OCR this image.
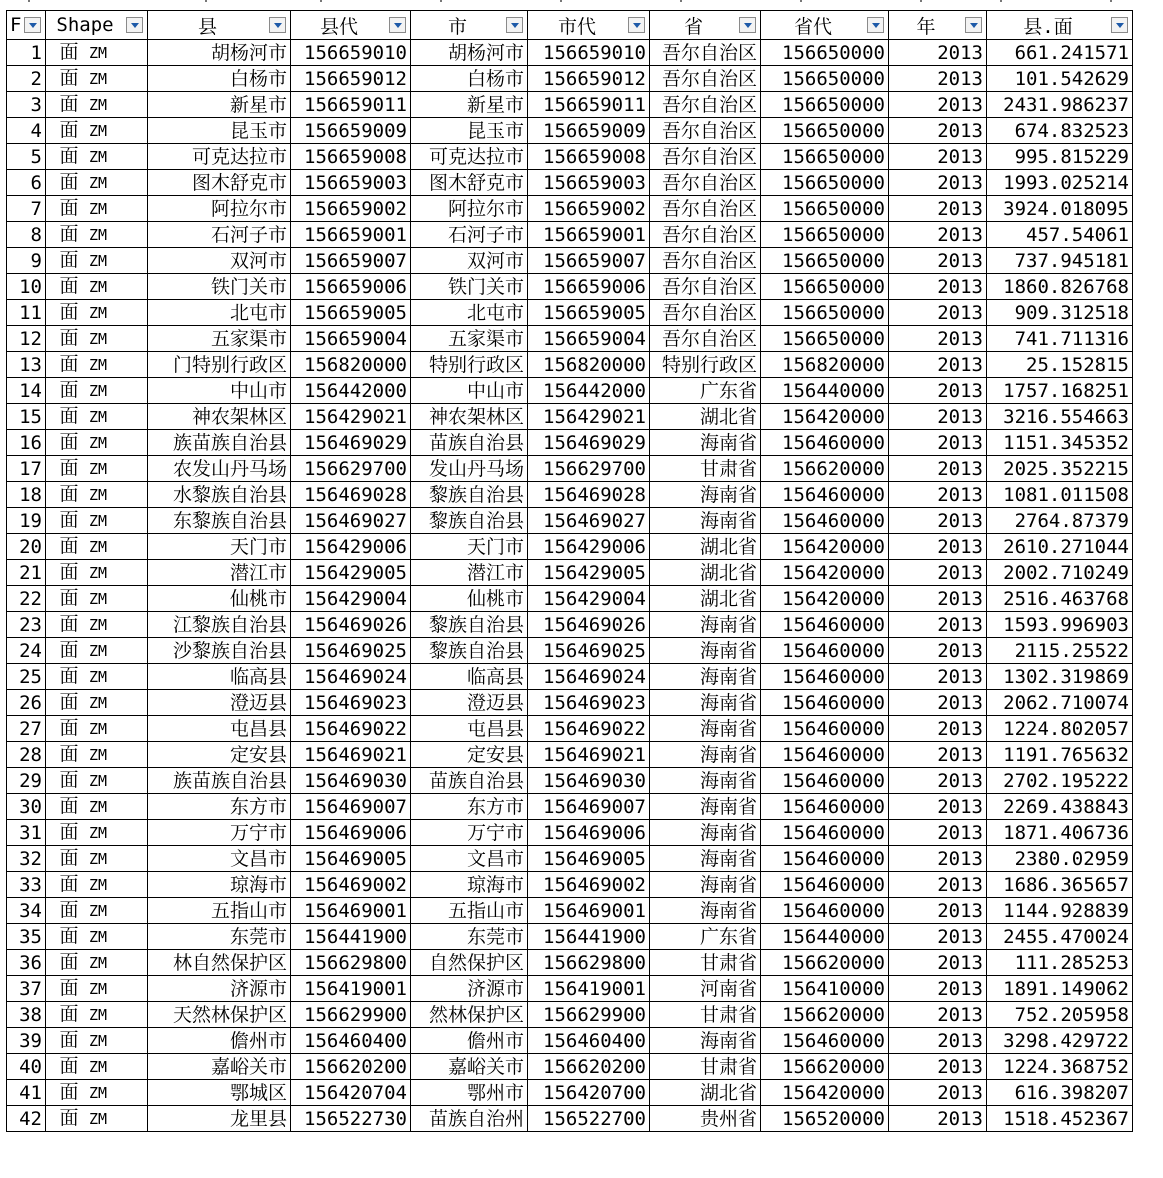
F	Shape	县	县代	市	市代	省	省代	年	县.面

1	面 ZM	胡杨河市	156659010	胡杨河市	156659010	吾尔自治区	156650000	2013	661.241571
2	面 ZM	白杨市	156659012	白杨市	156659012	吾尔自治区	156650000	2013	101.542629
3	面 ZM	新星市	156659011	新星市	156659011	吾尔自治区	156650000	2013	2431.986237
4	面 ZM	昆玉市	156659009	昆玉市	156659009	吾尔自治区	156650000	2013	674.832523
5	面 ZM	可克达拉市	156659008	可克达拉市	156659008	吾尔自治区	156650000	2013	995.815229
6	面 ZM	图木舒克市	156659003	图木舒克市	156659003	吾尔自治区	156650000	2013	1993.025214
7	面 ZM	阿拉尔市	156659002	阿拉尔市	156659002	吾尔自治区	156650000	2013	3924.018095
8	面 ZM	石河子市	156659001	石河子市	156659001	吾尔自治区	156650000	2013	457.54061
9	面 ZM	双河市	156659007	双河市	156659007	吾尔自治区	156650000	2013	737.945181
10	面 ZM	铁门关市	156659006	铁门关市	156659006	吾尔自治区	156650000	2013	1860.826768
11	面 ZM	北屯市	156659005	北屯市	156659005	吾尔自治区	156650000	2013	909.312518
12	面 ZM	五家渠市	156659004	五家渠市	156659004	吾尔自治区	156650000	2013	741.711316
13	面 ZM	门特别行政区	156820000	特别行政区	156820000	特别行政区	156820000	2013	25.152815
14	面 ZM	中山市	156442000	中山市	156442000	广东省	156440000	2013	1757.168251
15	面 ZM	神农架林区	156429021	神农架林区	156429021	湖北省	156420000	2013	3216.554663
16	面 ZM	族苗族自治县	156469029	苗族自治县	156469029	海南省	156460000	2013	1151.345352
17	面 ZM	农发山丹马场	156629700	发山丹马场	156629700	甘肃省	156620000	2013	2025.352215
18	面 ZM	水黎族自治县	156469028	黎族自治县	156469028	海南省	156460000	2013	1081.011508
19	面 ZM	东黎族自治县	156469027	黎族自治县	156469027	海南省	156460000	2013	2764.87379
20	面 ZM	天门市	156429006	天门市	156429006	湖北省	156420000	2013	2610.271044
21	面 ZM	潜江市	156429005	潜江市	156429005	湖北省	156420000	2013	2002.710249
22	面 ZM	仙桃市	156429004	仙桃市	156429004	湖北省	156420000	2013	2516.463768
23	面 ZM	江黎族自治县	156469026	黎族自治县	156469026	海南省	156460000	2013	1593.996903
24	面 ZM	沙黎族自治县	156469025	黎族自治县	156469025	海南省	156460000	2013	2115.25522
25	面 ZM	临高县	156469024	临高县	156469024	海南省	156460000	2013	1302.319869
26	面 ZM	澄迈县	156469023	澄迈县	156469023	海南省	156460000	2013	2062.710074
27	面 ZM	屯昌县	156469022	屯昌县	156469022	海南省	156460000	2013	1224.802057
28	面 ZM	定安县	156469021	定安县	156469021	海南省	156460000	2013	1191.765632
29	面 ZM	族苗族自治县	156469030	苗族自治县	156469030	海南省	156460000	2013	2702.195222
30	面 ZM	东方市	156469007	东方市	156469007	海南省	156460000	2013	2269.438843
31	面 ZM	万宁市	156469006	万宁市	156469006	海南省	156460000	2013	1871.406736
32	面 ZM	文昌市	156469005	文昌市	156469005	海南省	156460000	2013	2380.02959
33	面 ZM	琼海市	156469002	琼海市	156469002	海南省	156460000	2013	1686.365657
34	面 ZM	五指山市	156469001	五指山市	156469001	海南省	156460000	2013	1144.928839
35	面 ZM	东莞市	156441900	东莞市	156441900	广东省	156440000	2013	2455.470024
36	面 ZM	林自然保护区	156629800	自然保护区	156629800	甘肃省	156620000	2013	111.285253
37	面 ZM	济源市	156419001	济源市	156419001	河南省	156410000	2013	1891.149062
38	面 ZM	天然林保护区	156629900	然林保护区	156629900	甘肃省	156620000	2013	752.205958
39	面 ZM	儋州市	156460400	儋州市	156460400	海南省	156460000	2013	3298.429722
40	面 ZM	嘉峪关市	156620200	嘉峪关市	156620200	甘肃省	156620000	2013	1224.368752
41	面 ZM	鄂城区	156420704	鄂州市	156420700	湖北省	156420000	2013	616.398207
42	面 ZM	龙里县	156522730	苗族自治州	156522700	贵州省	156520000	2013	1518.452367
